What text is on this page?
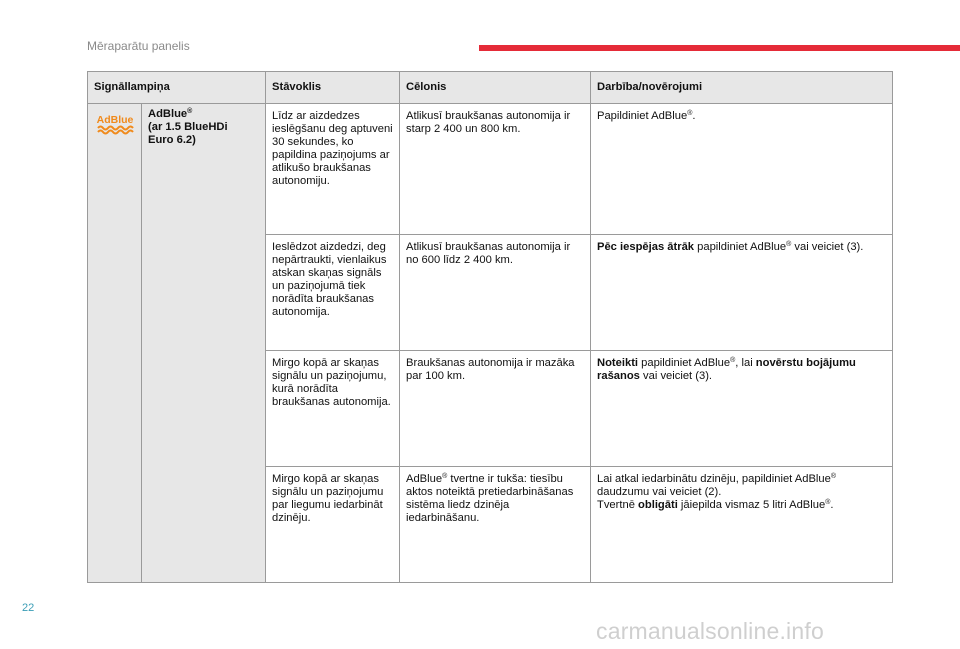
Mēraparātu panelis
Signāllampiņa		Stāvoklis	Cēlonis	Darbība/novērojumi

AdBlue	AdBlue®
(ar 1.5 BlueHDi
Euro 6.2)	Līdz ar aizdedzes ieslēgšanu deg aptuveni 30 sekundes, ko papildina paziņojums ar atlikušo braukšanas autonomiju.	Atlikusī braukšanas autonomija ir starp 2 400 un 800 km.	Papildiniet AdBlue®.

		Ieslēdzot aizdedzi, deg nepārtraukti, vienlaikus atskan skaņas signāls un paziņojumā tiek norādīta braukšanas autonomija.	Atlikusī braukšanas autonomija ir no 600 līdz 2 400 km.	Pēc iespējas ātrāk papildiniet AdBlue® vai veiciet (3).

		Mirgo kopā ar skaņas signālu un paziņojumu, kurā norādīta braukšanas autonomija.	Braukšanas autonomija ir mazāka par 100 km.	Noteikti papildiniet AdBlue®, lai novērstu bojājumu rašanos vai veiciet (3).

		Mirgo kopā ar skaņas signālu un paziņojumu par liegumu iedarbināt dzinēju.	AdBlue® tvertne ir tukša: tiesību aktos noteiktā pretiedarbināšanas sistēma liedz dzinēja iedarbināšanu.	Lai atkal iedarbinātu dzinēju, papildiniet AdBlue® daudzumu vai veiciet (2).
Tvertnē obligāti jāiepilda vismaz 5 litri AdBlue®.
22
carmanualsonline.info
